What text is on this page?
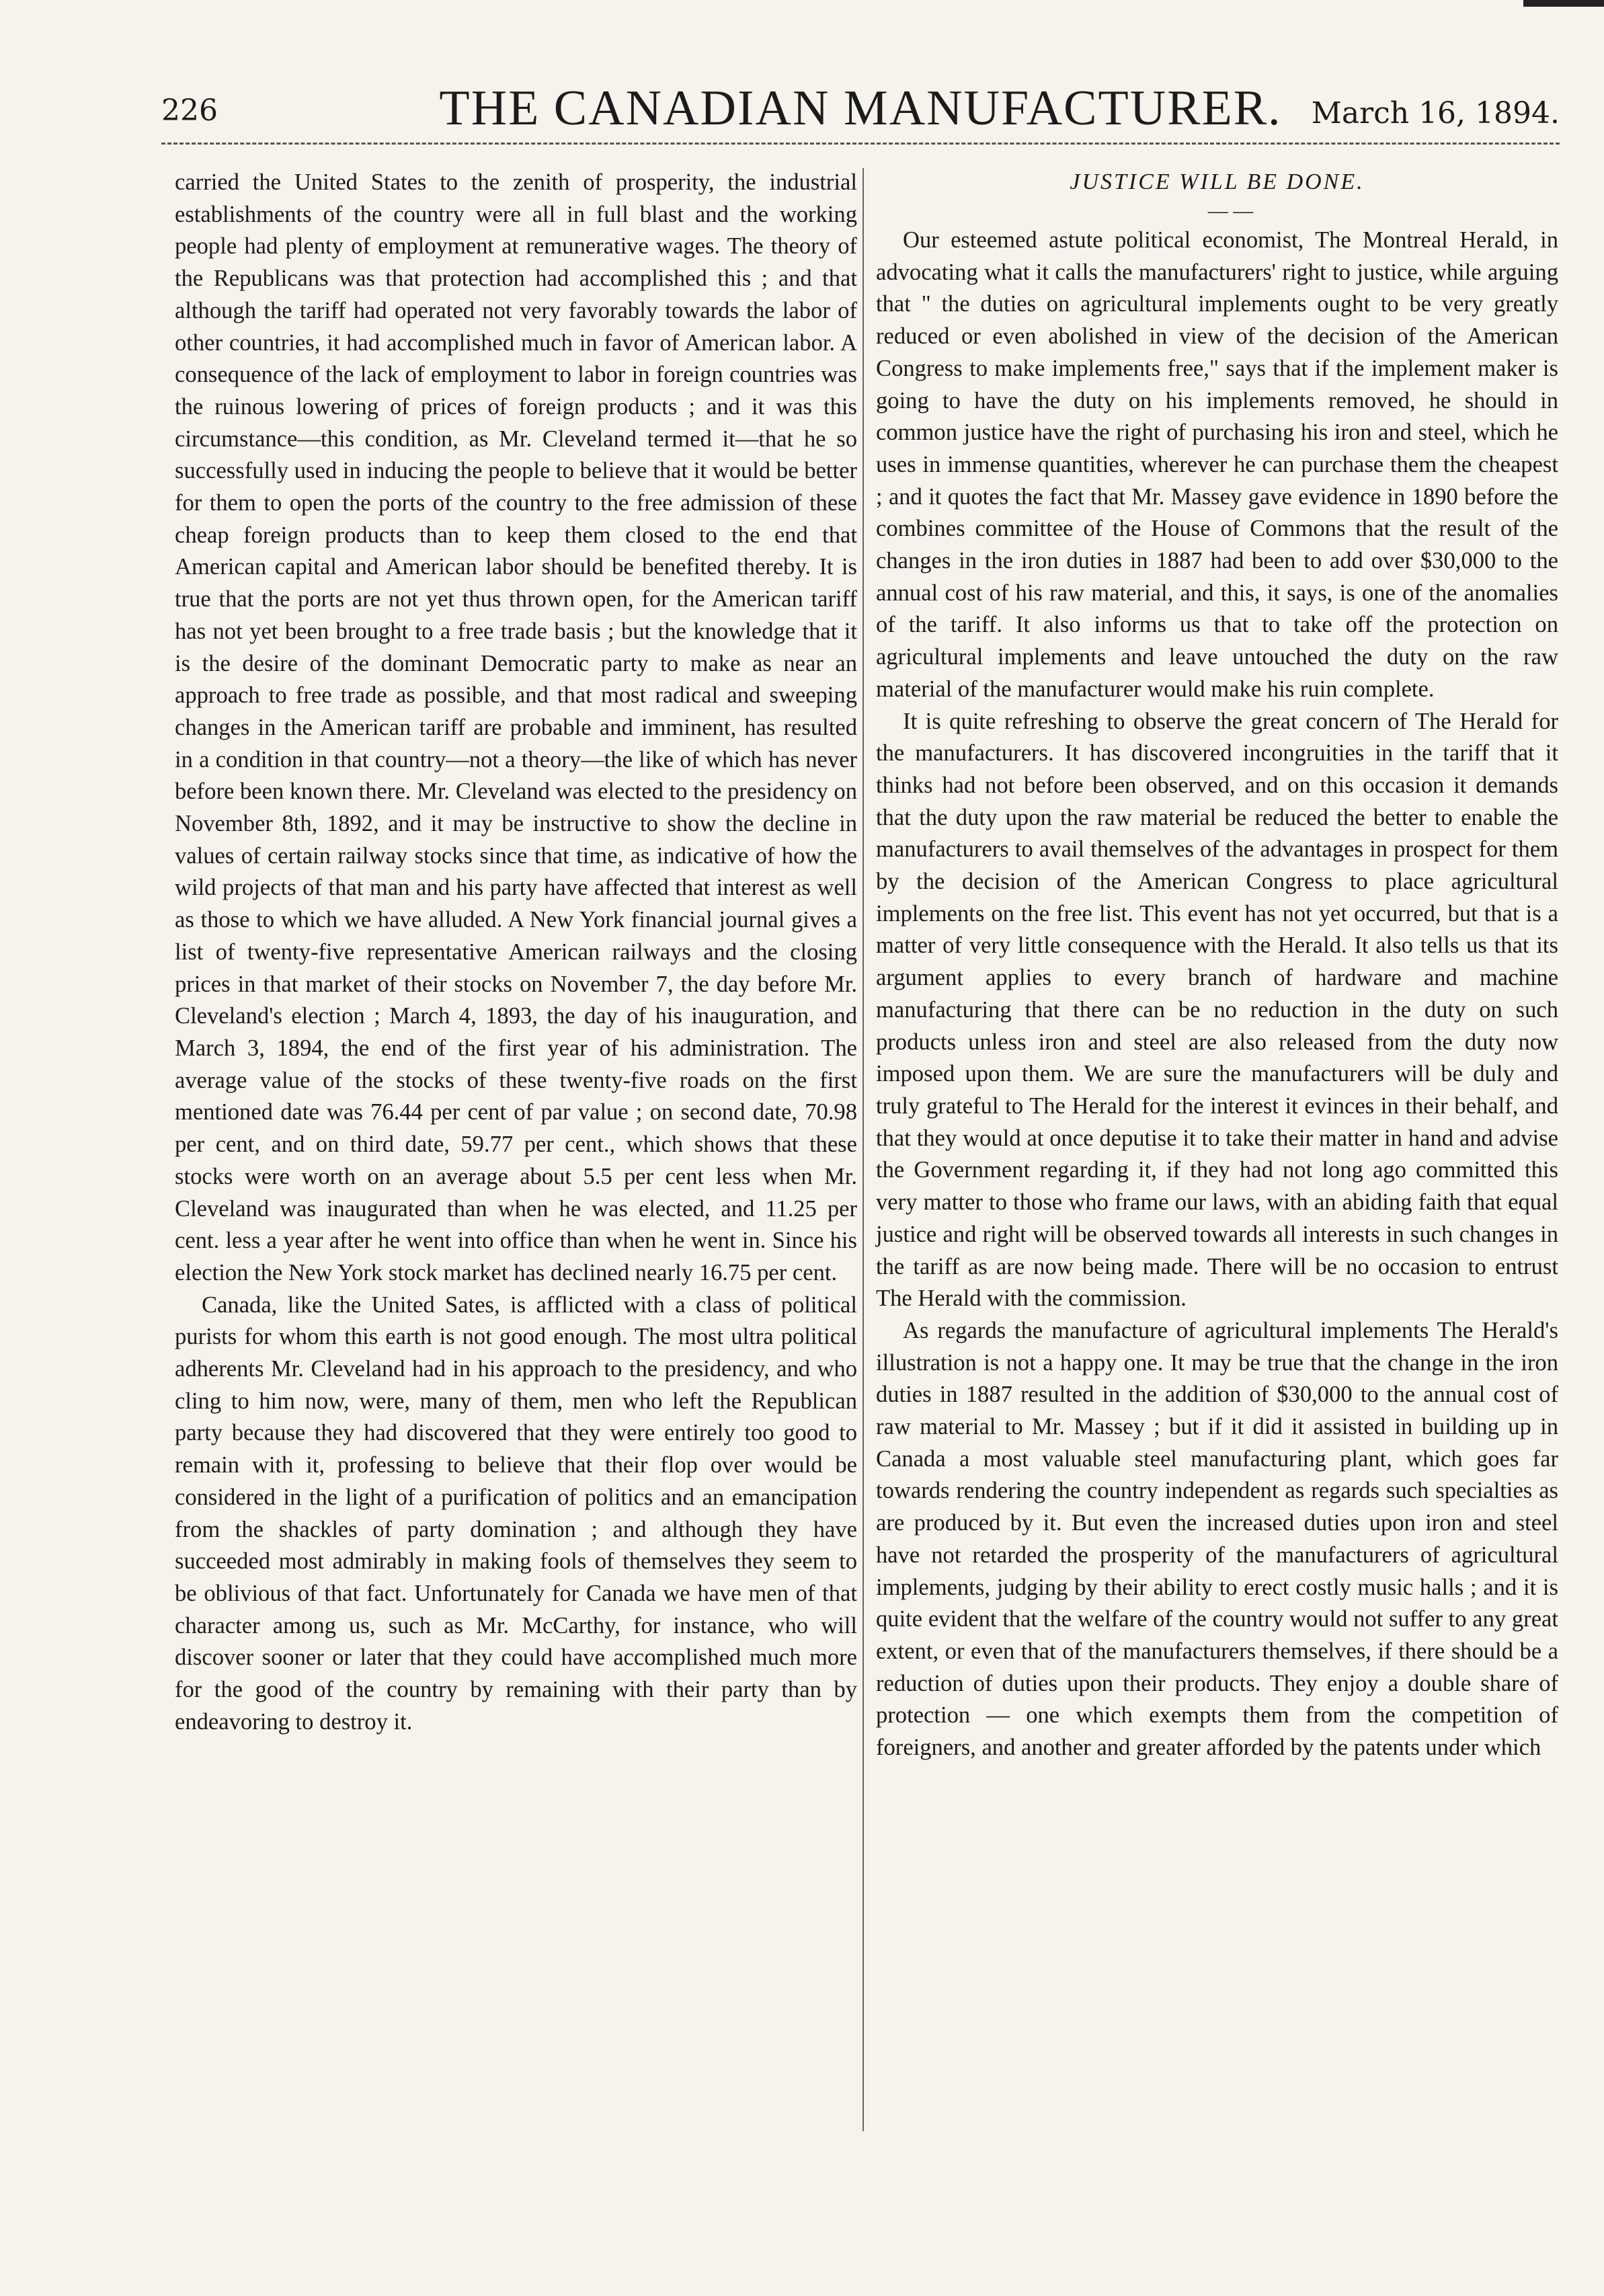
226	THE CANADIAN MANUFACTURER.	March 16, 1894.

carried the United States to the zenith of prosperity, the industrial establishments of the country were all in full blast and the working people had plenty of employment at remunerative wages. The theory of the Republicans was that protection had accomplished this ; and that although the tariff had operated not very favorably towards the labor of other countries, it had accomplished much in favor of American labor. A consequence of the lack of employment to labor in foreign countries was the ruinous lowering of prices of foreign products ; and it was this circumstance—this condition, as Mr. Cleveland termed it—that he so successfully used in inducing the people to believe that it would be better for them to open the ports of the country to the free admission of these cheap foreign products than to keep them closed to the end that American capital and American labor should be benefited thereby. It is true that the ports are not yet thus thrown open, for the American tariff has not yet been brought to a free trade basis ; but the knowledge that it is the desire of the dominant Democratic party to make as near an approach to free trade as possible, and that most radical and sweeping changes in the American tariff are probable and imminent, has resulted in a condition in that country—not a theory—the like of which has never before been known there. Mr. Cleveland was elected to the presidency on November 8th, 1892, and it may be instructive to show the decline in values of certain railway stocks since that time, as indicative of how the wild projects of that man and his party have affected that interest as well as those to which we have alluded. A New York financial journal gives a list of twenty-five representative American railways and the closing prices in that market of their stocks on November 7, the day before Mr. Cleveland's election ; March 4, 1893, the day of his inauguration, and March 3, 1894, the end of the first year of his administration. The average value of the stocks of these twenty-five roads on the first mentioned date was 76.44 per cent of par value ; on second date, 70.98 per cent, and on third date, 59.77 per cent., which shows that these stocks were worth on an average about 5.5 per cent less when Mr. Cleveland was inaugurated than when he was elected, and 11.25 per cent. less a year after he went into office than when he went in. Since his election the New York stock market has declined nearly 16.75 per cent.

Canada, like the United Sates, is afflicted with a class of political purists for whom this earth is not good enough. The most ultra political adherents Mr. Cleveland had in his approach to the presidency, and who cling to him now, were, many of them, men who left the Republican party because they had discovered that they were entirely too good to remain with it, professing to believe that their flop over would be considered in the light of a purification of politics and an emancipation from the shackles of party domination ; and although they have succeeded most admirably in making fools of themselves they seem to be oblivious of that fact. Unfortunately for Canada we have men of that character among us, such as Mr. McCarthy, for instance, who will discover sooner or later that they could have accomplished much more for the good of the country by remaining with their party than by endeavoring to destroy it.

JUSTICE WILL BE DONE.

— —

Our esteemed astute political economist, The Montreal Herald, in advocating what it calls the manufacturers' right to justice, while arguing that " the duties on agricultural implements ought to be very greatly reduced or even abolished in view of the decision of the American Congress to make implements free," says that if the implement maker is going to have the duty on his implements removed, he should in common justice have the right of purchasing his iron and steel, which he uses in immense quantities, wherever he can purchase them the cheapest ; and it quotes the fact that Mr. Massey gave evidence in 1890 before the combines committee of the House of Commons that the result of the changes in the iron duties in 1887 had been to add over $30,000 to the annual cost of his raw material, and this, it says, is one of the anomalies of the tariff. It also informs us that to take off the protection on agricultural implements and leave untouched the duty on the raw material of the manufacturer would make his ruin complete.

It is quite refreshing to observe the great concern of The Herald for the manufacturers. It has discovered incongruities in the tariff that it thinks had not before been observed, and on this occasion it demands that the duty upon the raw material be reduced the better to enable the manufacturers to avail themselves of the advantages in prospect for them by the decision of the American Congress to place agricultural implements on the free list. This event has not yet occurred, but that is a matter of very little consequence with the Herald. It also tells us that its argument applies to every branch of hardware and machine manufacturing that there can be no reduction in the duty on such products unless iron and steel are also released from the duty now imposed upon them. We are sure the manufacturers will be duly and truly grateful to The Herald for the interest it evinces in their behalf, and that they would at once deputise it to take their matter in hand and advise the Government regarding it, if they had not long ago committed this very matter to those who frame our laws, with an abiding faith that equal justice and right will be observed towards all interests in such changes in the tariff as are now being made. There will be no occasion to entrust The Herald with the commission.

As regards the manufacture of agricultural implements The Herald's illustration is not a happy one. It may be true that the change in the iron duties in 1887 resulted in the addition of $30,000 to the annual cost of raw material to Mr. Massey ; but if it did it assisted in building up in Canada a most valuable steel manufacturing plant, which goes far towards rendering the country independent as regards such specialties as are produced by it. But even the increased duties upon iron and steel have not retarded the prosperity of the manufacturers of agricultural implements, judging by their ability to erect costly music halls ; and it is quite evident that the welfare of the country would not suffer to any great extent, or even that of the manufacturers themselves, if there should be a reduction of duties upon their products. They enjoy a double share of protection — one which exempts them from the competition of foreigners, and another and greater afforded by the patents under which
